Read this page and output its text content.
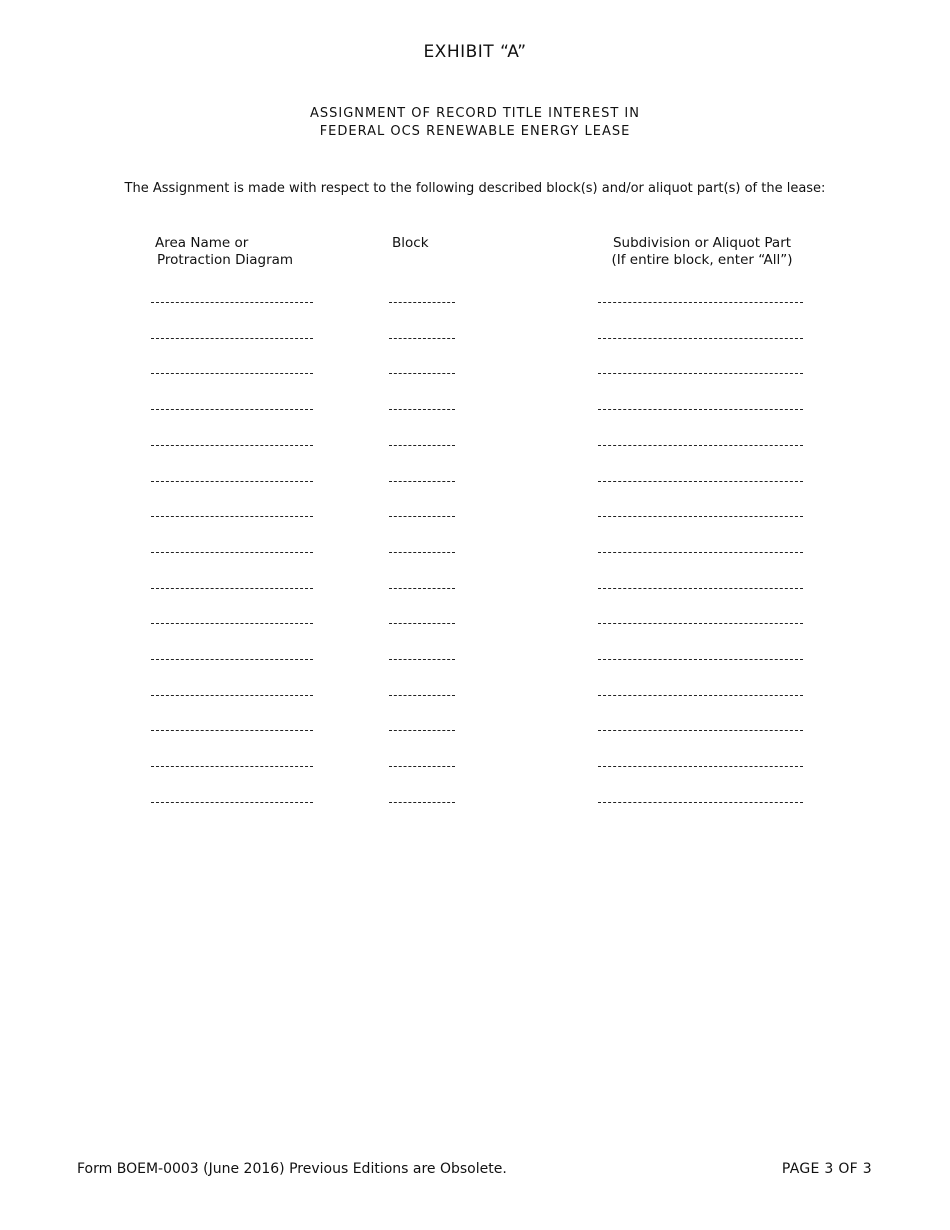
EXHIBIT “A”
ASSIGNMENT OF RECORD TITLE INTEREST IN
FEDERAL OCS RENEWABLE ENERGY LEASE
The Assignment is made with respect to the following described block(s) and/or aliquot part(s) of the lease:
Area Name or
Protraction Diagram
Block	Subdivision or Aliquot Part
(If entire block, enter “All”)
Form BOEM-0003 (June 2016) Previous Editions are Obsolete.	PAGE 3 OF 3
